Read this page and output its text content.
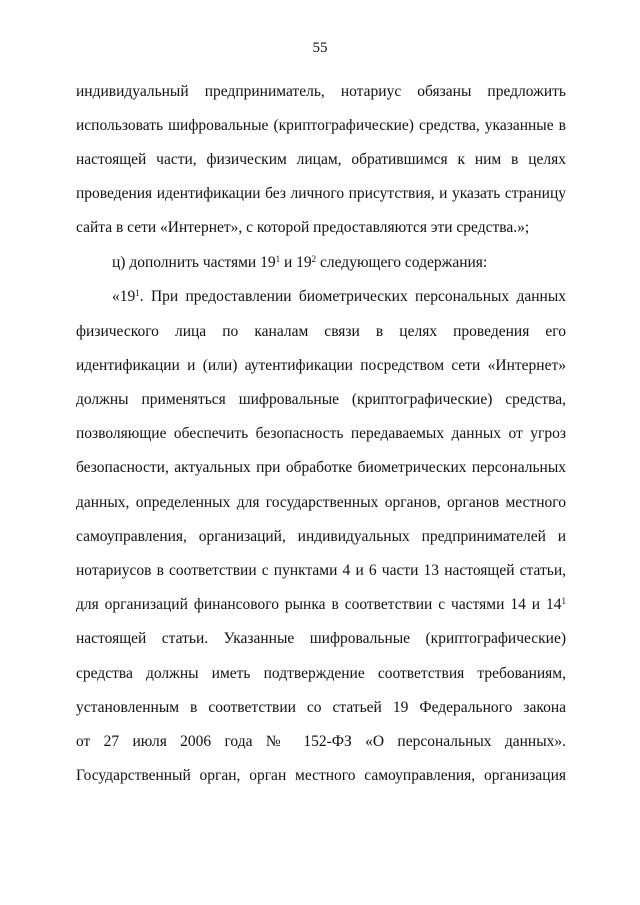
55
индивидуальный предприниматель, нотариус обязаны предложить
использовать шифровальные (криптографические) средства, указанные в
настоящей части, физическим лицам, обратившимся к ним в целях
проведения идентификации без личного присутствия, и указать страницу
сайта в сети «Интернет», с которой предоставляются эти средства.»;
ц) дополнить частями $19^1$ и $19^2$ следующего содержания:
«$19^1$. При предоставлении биометрических персональных данных
физического лица по каналам связи в целях проведения его
идентификации и (или) аутентификации посредством сети «Интернет»
должны применяться шифровальные (криптографические) средства,
позволяющие обеспечить безопасность передаваемых данных от угроз
безопасности, актуальных при обработке биометрических персональных
данных, определенных для государственных органов, органов местного
самоуправления, организаций, индивидуальных предпринимателей и
нотариусов в соответствии с пунктами 4 и 6 части 13 настоящей статьи,
для организаций финансового рынка в соответствии с частями 14 и $14^1$
настоящей статьи. Указанные шифровальные (криптографические)
средства должны иметь подтверждение соответствия требованиям,
установленным в соответствии со статьей 19 Федерального закона
от 27 июля 2006 года № 152-ФЗ «О персональных данных».
Государственный орган, орган местного самоуправления, организация
